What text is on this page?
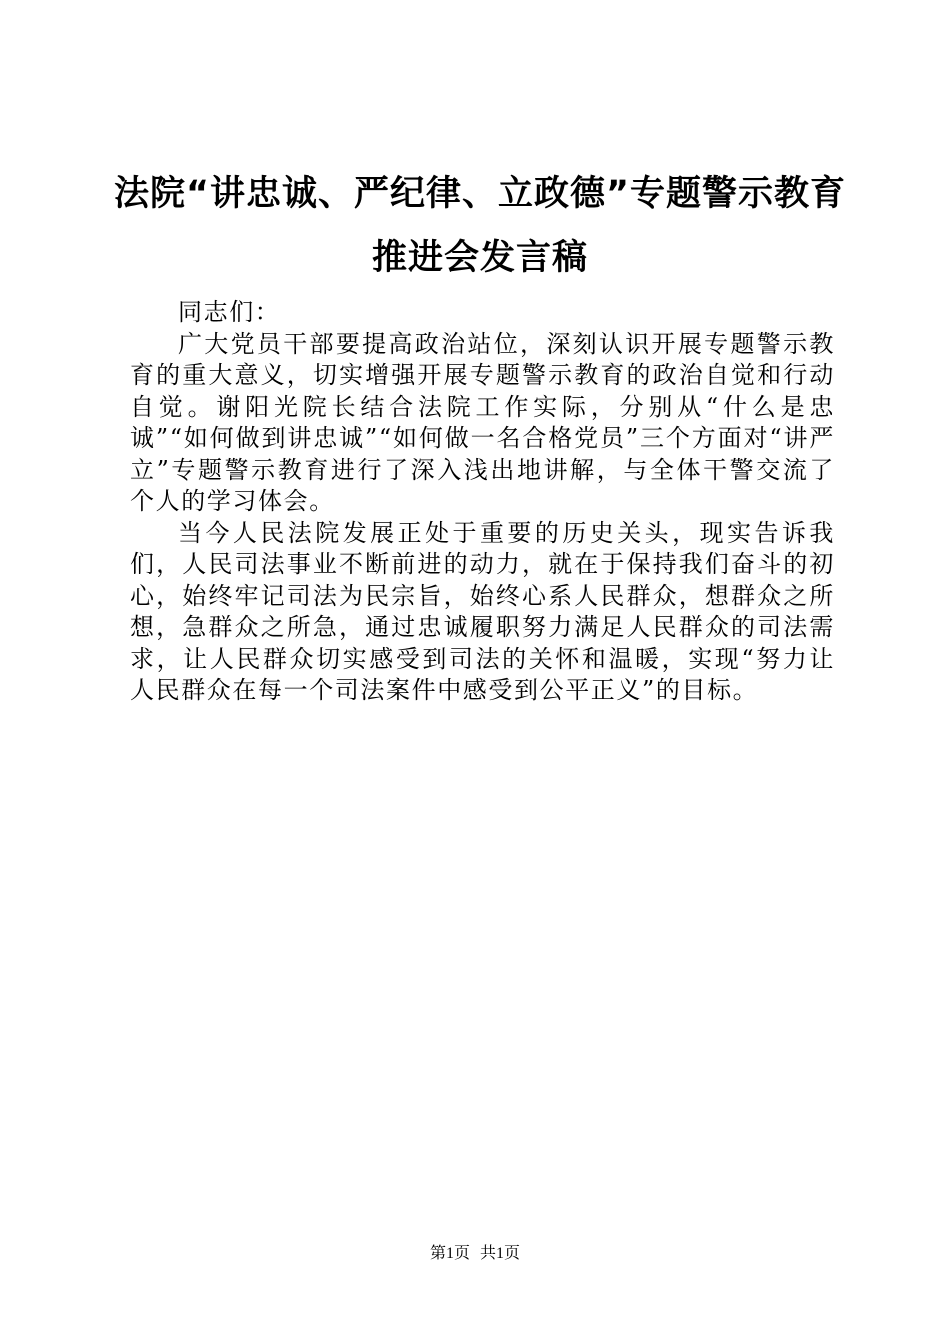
法院“讲忠诚、严纪律、立政德”专题警示教育推进会发言稿

同志们：

广大党员干部要提高政治站位，深刻认识开展专题警示教育的重大意义，切实增强开展专题警示教育的政治自觉和行动自觉。谢阳光院长结合法院工作实际，分别从“什么是忠诚”“如何做到讲忠诚”“如何做一名合格党员”三个方面对“讲严立”专题警示教育进行了深入浅出地讲解，与全体干警交流了个人的学习体会。

当今人民法院发展正处于重要的历史关头，现实告诉我们，人民司法事业不断前进的动力，就在于保持我们奋斗的初心，始终牢记司法为民宗旨，始终心系人民群众，想群众之所想，急群众之所急，通过忠诚履职努力满足人民群众的司法需求，让人民群众切实感受到司法的关怀和温暖，实现“努力让人民群众在每一个司法案件中感受到公平正义”的目标。

第1页 共1页
